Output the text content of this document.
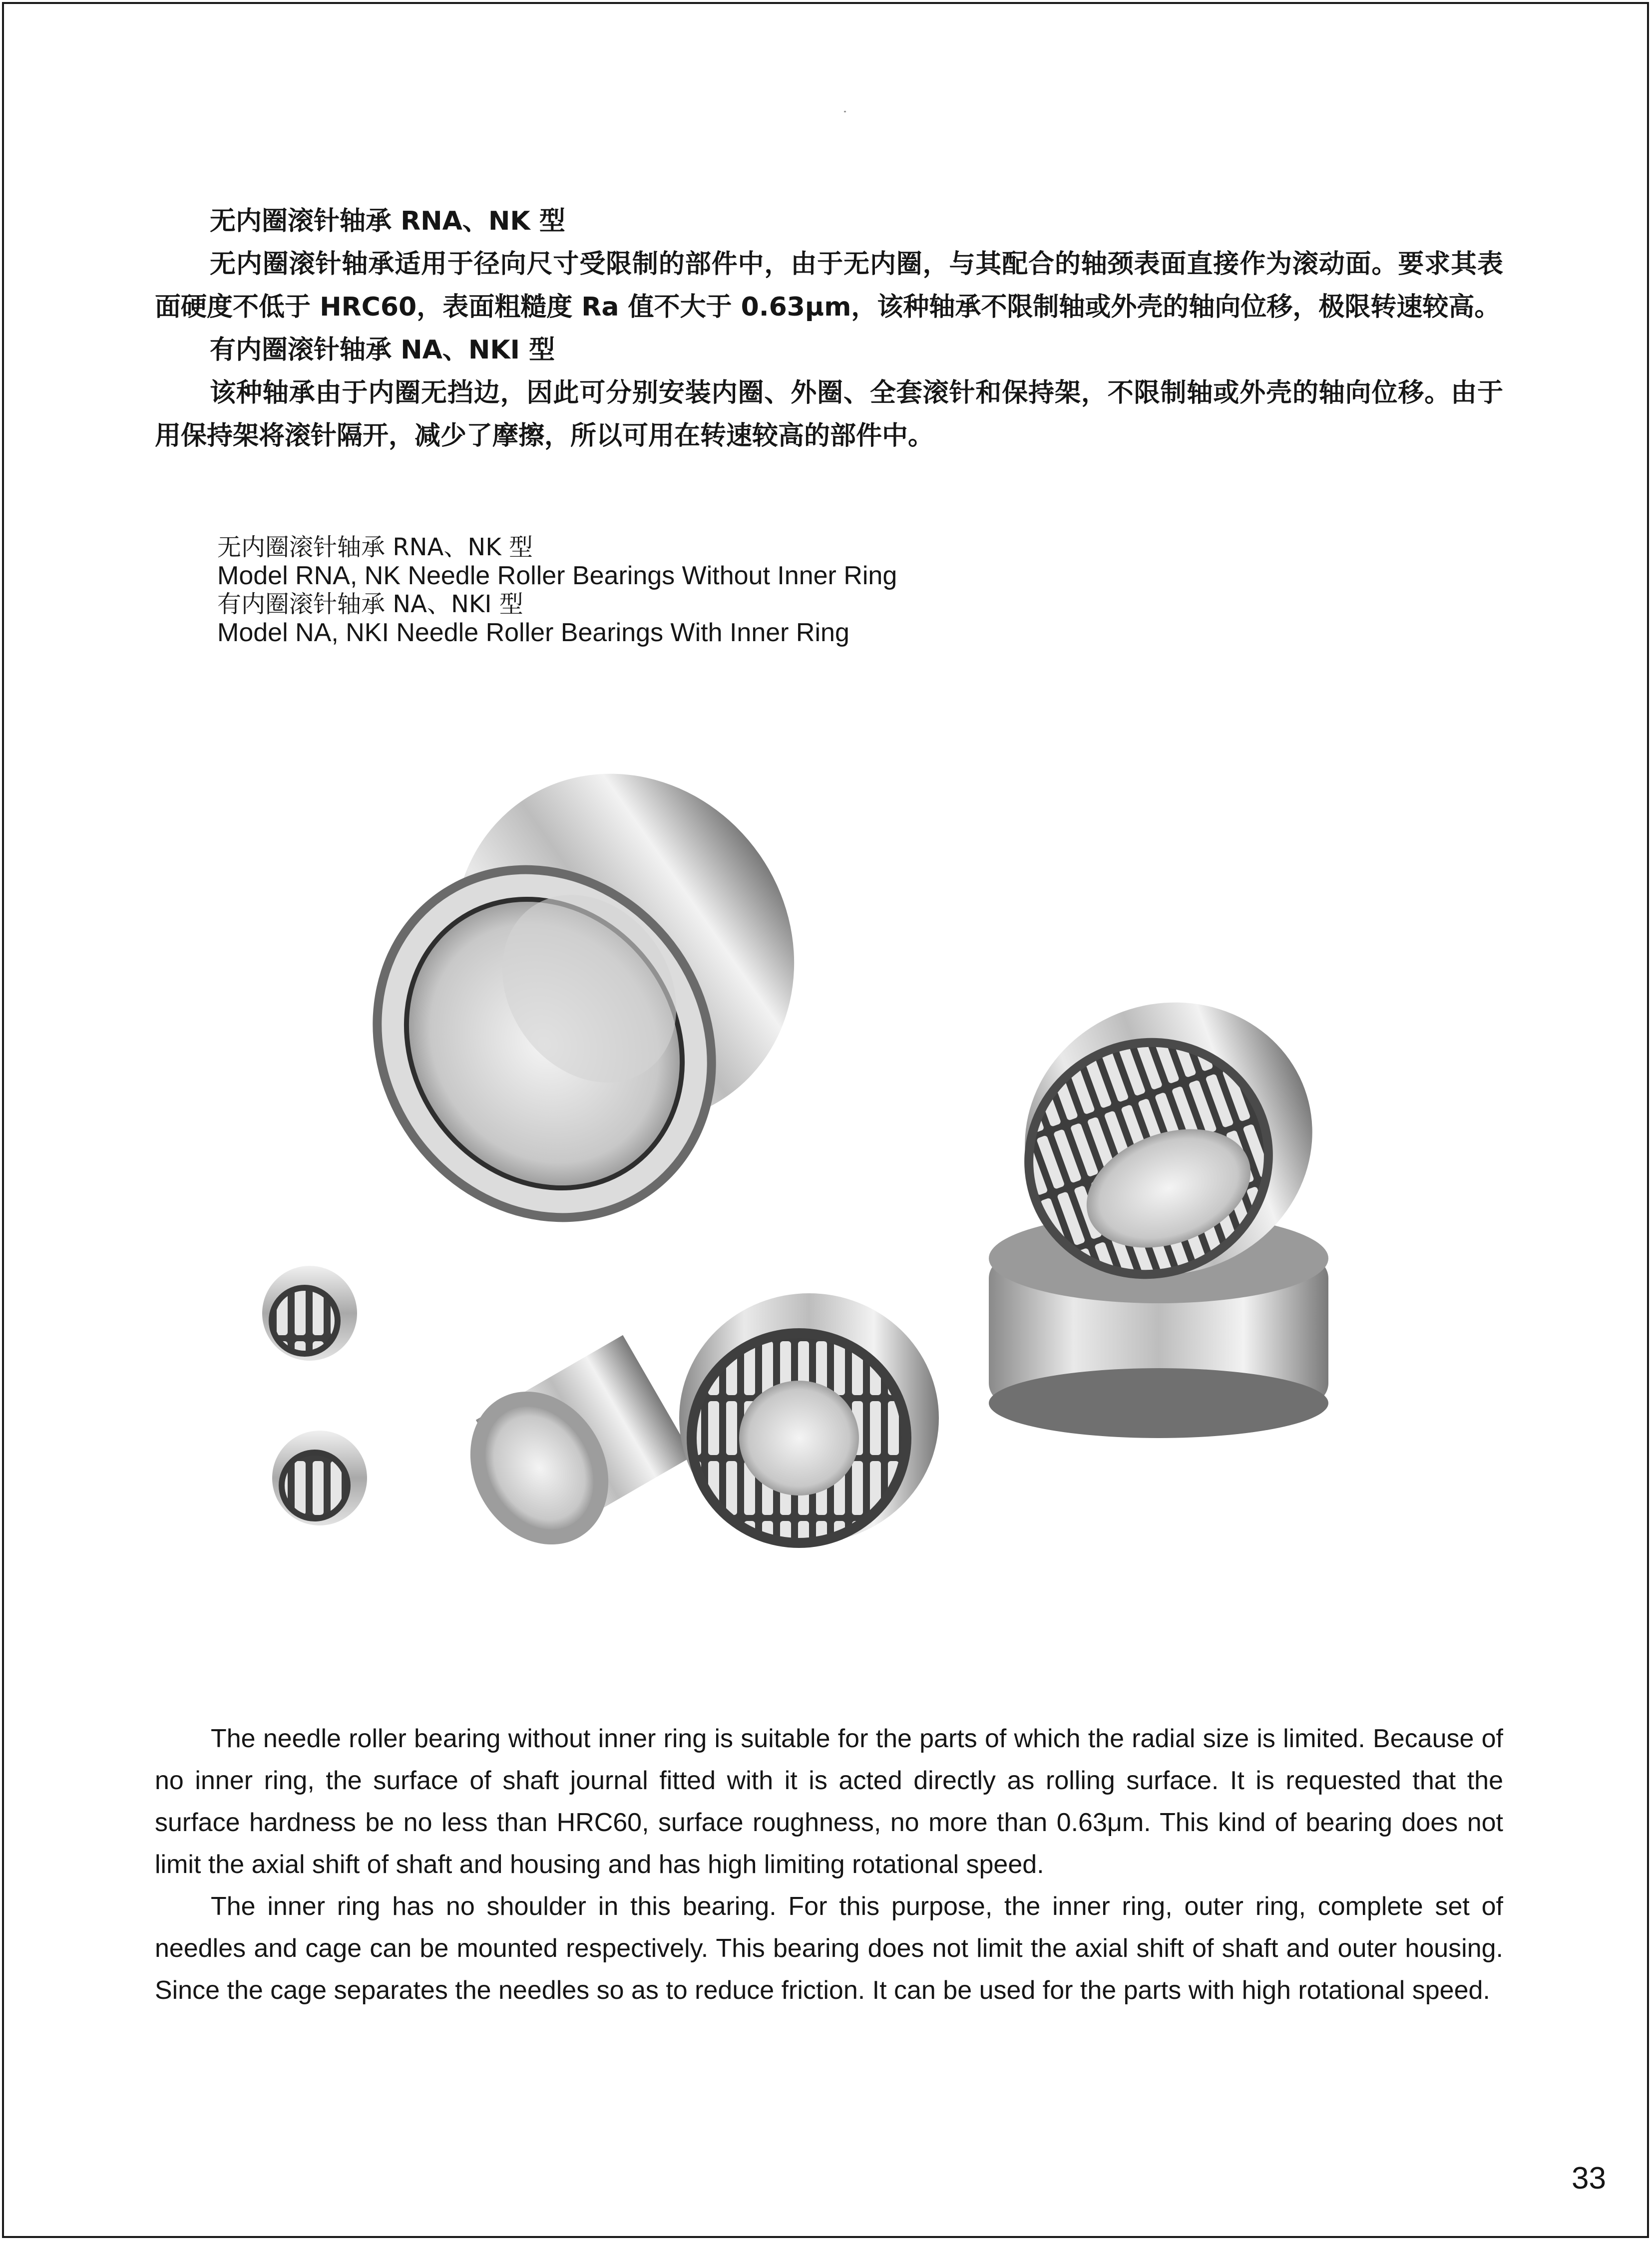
无内圈滚针轴承 RNA、NK 型
无内圈滚针轴承适用于径向尺寸受限制的部件中，由于无内圈，与其配合的轴颈表面直接作为滚动面。要求其表面硬度不低于 HRC60，表面粗糙度 Ra 值不大于 0.63μm，该种轴承不限制轴或外壳的轴向位移，极限转速较高。
有内圈滚针轴承 NA、NKI 型
该种轴承由于内圈无挡边，因此可分别安装内圈、外圈、全套滚针和保持架，不限制轴或外壳的轴向位移。由于用保持架将滚针隔开，减少了摩擦，所以可用在转速较高的部件中。
无内圈滚针轴承 RNA、NK 型
Model RNA, NK Needle Roller Bearings Without Inner Ring
有内圈滚针轴承 NA、NKI 型
Model NA, NKI Needle Roller Bearings With Inner Ring

The needle roller bearing without inner ring is suitable for the parts of which the radial size is limited. Because of no inner ring, the surface of shaft journal fitted with it is acted directly as rolling surface. It is requested that the surface hardness be no less than HRC60, surface roughness, no more than 0.63μm. This kind of bearing does not limit the axial shift of shaft and housing and has high limiting rotational speed.

The inner ring has no shoulder in this bearing. For this purpose, the inner ring, outer ring, complete set of needles and cage can be mounted respectively. This bearing does not limit the axial shift of shaft and outer housing. Since the cage separates the needles so as to reduce friction. It can be used for the parts with high rotational speed.

33
